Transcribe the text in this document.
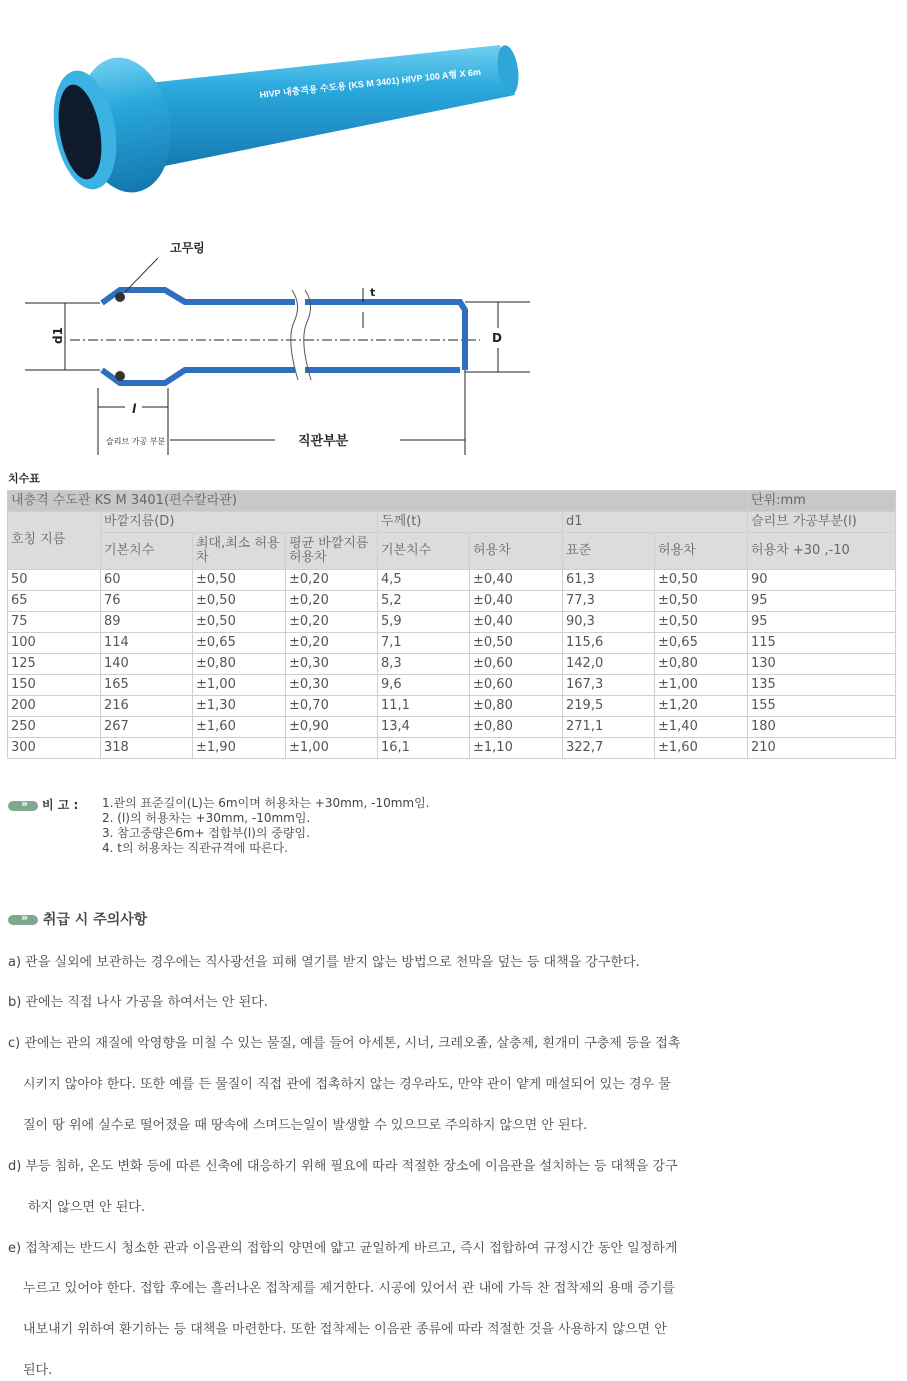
HIVP 내충격용 수도용 (KS M 3401) HIVP 100 A형 X 6m
고무링
t
d1	D
l
슬리브 가공 부분	직관부분
치수표
내충격 수도관 KS M 3401(편수칼라관)								단위:mm
호칭 지름	바깥지름(D)			두께(t)		d1		슬리브 가공부분(l)
	기본치수	최대,최소 허용차	평균 바깥지름 허용차	기본치수	허용차	표준	허용차	허용차 +30 ,-10
50	60	±0,50	±0,20	4,5	±0,40	61,3	±0,50	90
65	76	±0,50	±0,20	5,2	±0,40	77,3	±0,50	95
75	89	±0,50	±0,20	5,9	±0,40	90,3	±0,50	95
100	114	±0,65	±0,20	7,1	±0,50	115,6	±0,65	115
125	140	±0,80	±0,30	8,3	±0,60	142,0	±0,80	130
150	165	±1,00	±0,30	9,6	±0,60	167,3	±1,00	135
200	216	±1,30	±0,70	11,1	±0,80	219,5	±1,20	155
250	267	±1,60	±0,90	13,4	±0,80	271,1	±1,40	180
300	318	±1,90	±1,00	16,1	±1,10	322,7	±1,60	210
»비 고 : 1.관의 표준길이(L)는 6m이며 허용차는 +30mm, -10mm임.
2. (l)의 허용차는 +30mm, -10mm임.
3. 참고중량은6m+ 접합부(l)의 중량임.
4. t의 허용차는 직관규격에 따른다.
» 취급 시 주의사항
a) 관을 실외에 보관하는 경우에는 직사광선을 피해 열기를 받지 않는 방법으로 천막을 덮는 등 대책을 강구한다.
b) 관에는 직접 나사 가공을 하여서는 안 된다.
c) 관에는 관의 재질에 악영향을 미칠 수 있는 물질, 예를 들어 아세톤, 시너, 크레오졸, 살충제, 흰개미 구충제 등을 접촉
시키지 않아야 한다. 또한 예를 든 물질이 직접 관에 접촉하지 않는 경우라도, 만약 관이 얕게 매설되어 있는 경우 물
질이 땅 위에 실수로 떨어졌을 때 땅속에 스며드는일이 발생할 수 있으므로 주의하지 않으면 안 된다.
d) 부등 침하, 온도 변화 등에 따른 신축에 대응하기 위해 필요에 따라 적절한 장소에 이음관을 설치하는 등 대책을 강구
하지 않으면 안 된다.
e) 접착제는 반드시 청소한 관과 이음관의 접합의 양면에 얇고 균일하게 바르고, 즉시 접합하여 규정시간 동안 일정하게
누르고 있어야 한다. 접합 후에는 흘러나온 접착제를 제거한다. 시공에 있어서 관 내에 가득 찬 접착제의 용매 증기를
내보내기 위하여 환기하는 등 대책을 마련한다. 또한 접착제는 이음관 종류에 따라 적절한 것을 사용하지 않으면 안
된다.
